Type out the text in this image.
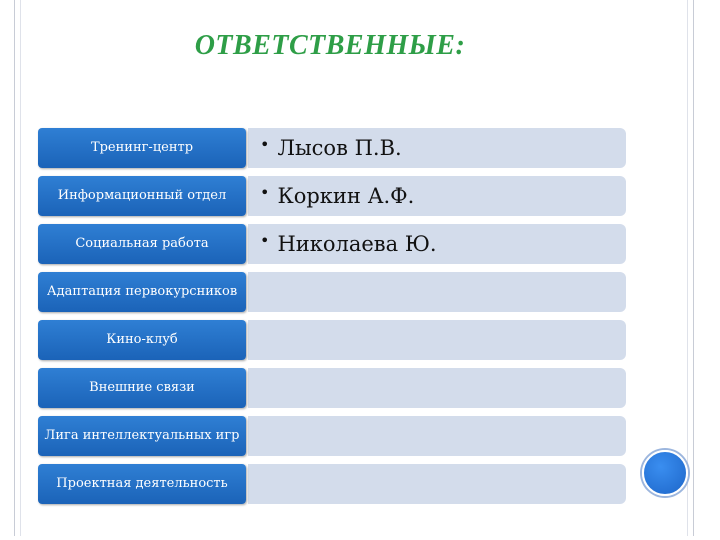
ОТВЕТСТВЕННЫЕ:
Тренинг-центр	• Лысов П.В.
Информационный отдел	• Коркин А.Ф.
Социальная работа	• Николаева Ю.
Адаптация первокурсников
Кино-клуб
Внешние связи
Лига интеллектуальных игр
Проектная деятельность
